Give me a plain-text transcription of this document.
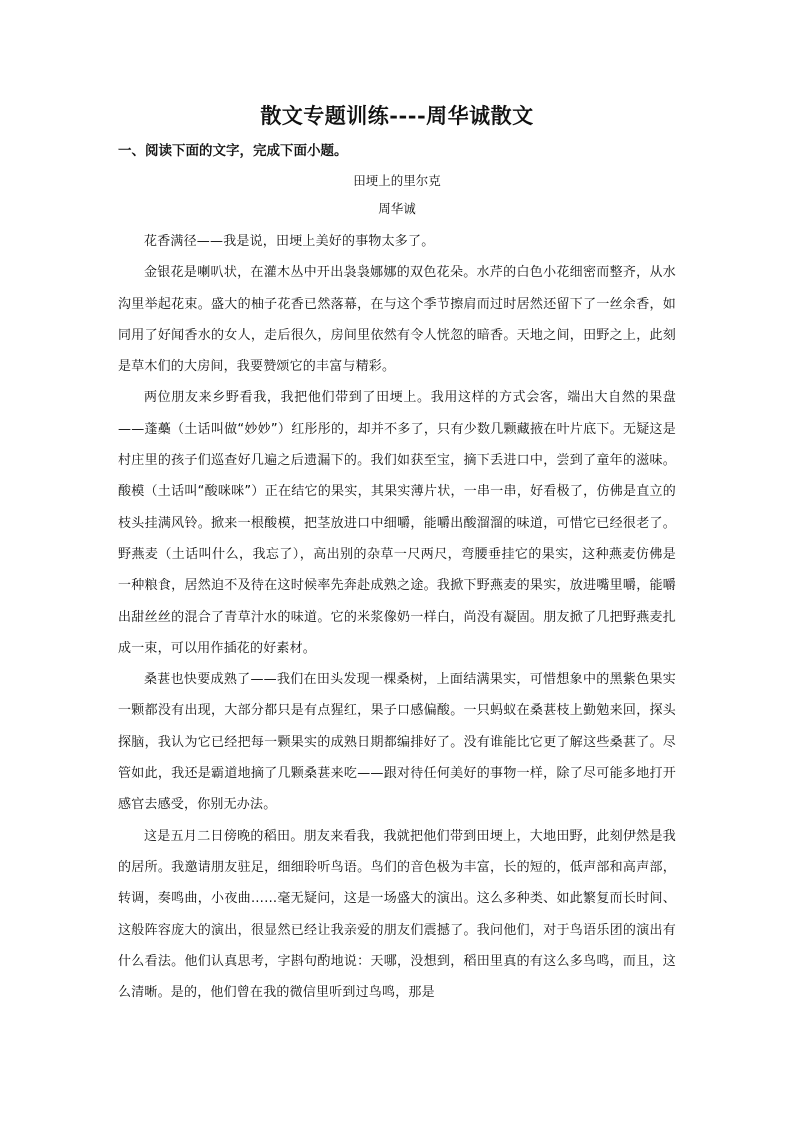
散文专题训练----周华诚散文

一、阅读下面的文字，完成下面小题。

田埂上的里尔克

周华诚

花香满径——我是说，田埂上美好的事物太多了。

金银花是喇叭状，在灌木丛中开出袅袅娜娜的双色花朵。水芹的白色小花细密而整齐，从水沟里举起花束。盛大的柚子花香已然落幕，在与这个季节擦肩而过时居然还留下了一丝余香，如同用了好闻香水的女人，走后很久，房间里依然有令人恍忽的暗香。天地之间，田野之上，此刻是草木们的大房间，我要赞颂它的丰富与精彩。

两位朋友来乡野看我，我把他们带到了田埂上。我用这样的方式会客，端出大自然的果盘——蓬蘽（土话叫做“妙妙”）红彤彤的，却并不多了，只有少数几颗藏掖在叶片底下。无疑这是村庄里的孩子们巡查好几遍之后遗漏下的。我们如获至宝，摘下丢进口中，尝到了童年的滋味。酸模（土话叫“酸咪咪”）正在结它的果实，其果实薄片状，一串一串，好看极了，仿佛是直立的枝头挂满风铃。掀来一根酸模，把茎放进口中细嚼，能嚼出酸溜溜的味道，可惜它已经很老了。野燕麦（土话叫什么，我忘了），高出别的杂草一尺两尺，弯腰垂挂它的果实，这种燕麦仿佛是一种粮食，居然迫不及待在这时候率先奔赴成熟之途。我掀下野燕麦的果实，放进嘴里嚼，能嚼出甜丝丝的混合了青草汁水的味道。它的米浆像奶一样白，尚没有凝固。朋友掀了几把野燕麦扎成一束，可以用作插花的好素材。

桑葚也快要成熟了——我们在田头发现一棵桑树，上面结满果实，可惜想象中的黑紫色果实一颗都没有出现，大部分都只是有点猩红，果子口感偏酸。一只蚂蚁在桑葚枝上勤勉来回，探头探脑，我认为它已经把每一颗果实的成熟日期都编排好了。没有谁能比它更了解这些桑葚了。尽管如此，我还是霸道地摘了几颗桑葚来吃——跟对待任何美好的事物一样，除了尽可能多地打开感官去感受，你别无办法。

这是五月二日傍晚的稻田。朋友来看我，我就把他们带到田埂上，大地田野，此刻伊然是我的居所。我邀请朋友驻足，细细聆听鸟语。鸟们的音色极为丰富，长的短的，低声部和高声部，转调，奏鸣曲，小夜曲……毫无疑问，这是一场盛大的演出。这么多种类、如此繁复而长时间、这般阵容庞大的演出，很显然已经让我亲爱的朋友们震撼了。我问他们，对于鸟语乐团的演出有什么看法。他们认真思考，字斟句酌地说：天哪，没想到，稻田里真的有这么多鸟鸣，而且，这么清晰。是的，他们曾在我的微信里听到过鸟鸣，那是
